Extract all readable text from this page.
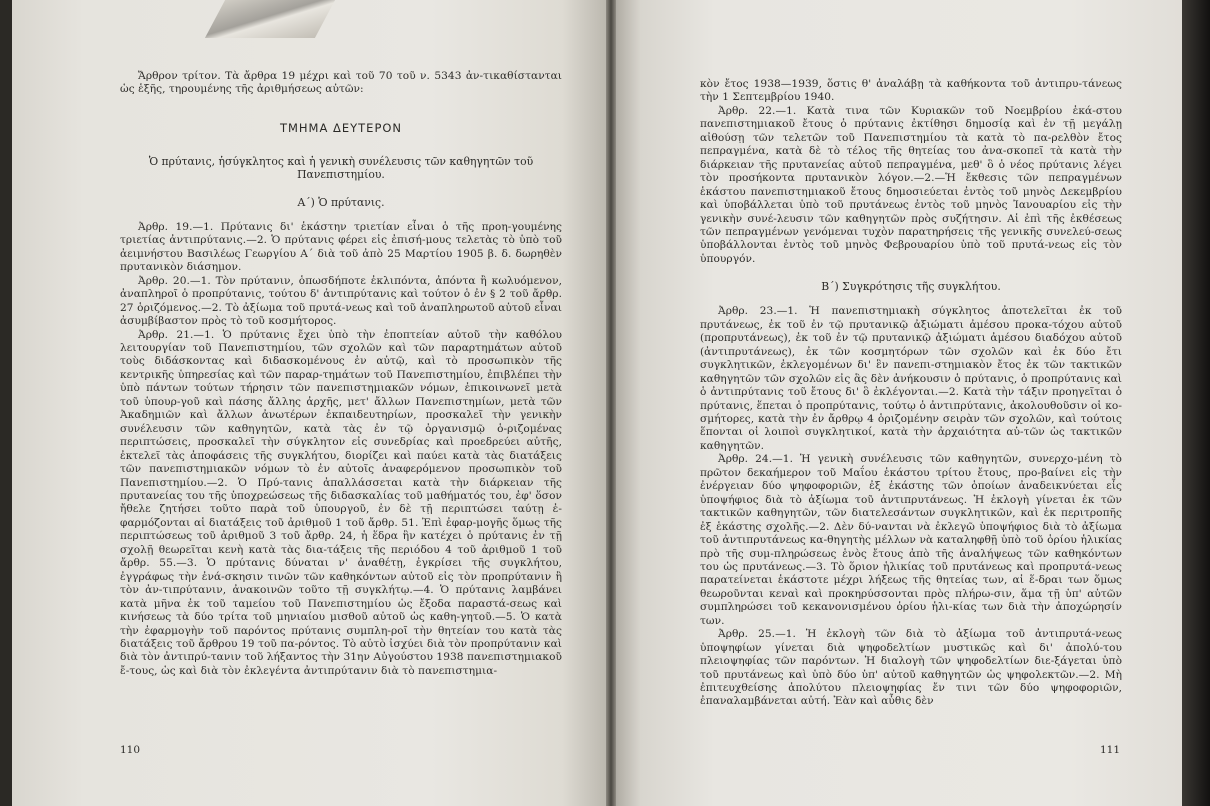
Ἄρθρον τρίτον. Τὰ ἄρθρα 19 μέχρι καὶ τοῦ 70 τοῦ ν. 5343 ἀν-τικαθίστανται ὡς ἑξῆς, τηρουμένης τῆς ἀριθμήσεως αὐτῶν:

ΤΜΗΜΑ ΔΕΥΤΕΡΟΝ

Ὁ πρύτανις, ἡσύγκλητος καὶ ἡ γενικὴ συνέλευσις τῶν καθηγητῶν τοῦ Πανεπιστημίου.

Α΄) Ὁ πρύτανις.

Ἀρθρ. 19.—1. Πρύτανις δι' ἑκάστην τριετίαν εἶναι ὁ τῆς προη-γουμένης τριετίας ἀντιπρύτανις.—2. Ὁ πρύτανις φέρει εἰς ἐπισή-μους τελετὰς τὸ ὑπὸ τοῦ ἀειμνήστου Βασιλέως Γεωργίου Α΄ διὰ τοῦ ἀπὸ 25 Μαρτίου 1905 β. δ. δωρηθὲν πρυτανικὸν διάσημον.

Ἀρθρ. 20.—1. Τὸν πρύτανιν, ὁπωσδήποτε ἐκλιπόντα, ἀπόντα ἢ κωλυόμενον, ἀναπληροῖ ὁ προπρύτανις, τούτου δ' ἀντιπρύτανις καὶ τούτον ὁ ἐν § 2 τοῦ ἄρθρ. 27 ὁριζόμενος.—2. Τὸ ἀξίωμα τοῦ πρυτά-νεως καὶ τοῦ ἀναπληρωτοῦ αὐτοῦ εἶναι ἀσυμβίβαστον πρὸς τὸ τοῦ κοσμήτορος.

Ἀρθρ. 21.—1. Ὁ πρύτανις ἔχει ὑπὸ τὴν ἐποπτείαν αὐτοῦ τὴν καθόλου λειτουργίαν τοῦ Πανεπιστημίου, τῶν σχολῶν καὶ τῶν παραρτημάτων αὐτοῦ τοὺς διδάσκοντας καὶ διδασκομένους ἐν αὐτῷ, καὶ τὸ προσωπικὸν τῆς κεντρικῆς ὑπηρεσίας καὶ τῶν παραρ-τημάτων τοῦ Πανεπιστημίου, ἐπιβλέπει τὴν ὑπὸ πάντων τούτων τήρησιν τῶν πανεπιστημιακῶν νόμων, ἐπικοινωνεῖ μετὰ τοῦ ὑπουρ-γοῦ καὶ πάσης ἄλλης ἀρχῆς, μετ' ἄλλων Πανεπιστημίων, μετὰ τῶν Ἀκαδημιῶν καὶ ἄλλων ἀνωτέρων ἐκπαιδευτηρίων, προσκαλεῖ τὴν γενικὴν συνέλευσιν τῶν καθηγητῶν, κατὰ τὰς ἐν τῷ ὀργανισμῷ ὁ-ριζομένας περιπτώσεις, προσκαλεῖ τὴν σύγκλητον εἰς συνεδρίας καὶ προεδρεύει αὐτῆς, ἐκτελεῖ τὰς ἀποφάσεις τῆς συγκλήτου, διορίζει καὶ παύει κατὰ τὰς διατάξεις τῶν πανεπιστημιακῶν νόμων τὸ ἐν αὐτοῖς ἀναφερόμενον προσωπικὸν τοῦ Πανεπιστημίου.—2. Ὁ Πρύ-τανις ἀπαλλάσσεται κατὰ τὴν διάρκειαν τῆς πρυτανείας του τῆς ὑποχρεώσεως τῆς διδασκαλίας τοῦ μαθήματός του, ἐφ' ὅσον ἤθελε ζητήσει τοῦτο παρὰ τοῦ ὑπουργοῦ, ἐν δὲ τῇ περιπτώσει ταύτῃ ἐ-φαρμόζονται αἱ διατάξεις τοῦ ἀριθμοῦ 1 τοῦ ἄρθρ. 51. Ἐπὶ ἐφαρ-μογῆς ὅμως τῆς περιπτώσεως τοῦ ἀριθμοῦ 3 τοῦ ἄρθρ. 24, ἡ ἕδρα ἣν κατέχει ὁ πρύτανις ἐν τῇ σχολῇ θεωρεῖται κενὴ κατὰ τὰς δια-τάξεις τῆς περιόδου 4 τοῦ ἀριθμοῦ 1 τοῦ ἄρθρ. 55.—3. Ὁ πρύτανις δύναται ν' ἀναθέτῃ, ἐγκρίσει τῆς συγκλήτου, ἐγγράφως τὴν ἐνά-σκησιν τινῶν τῶν καθηκόντων αὐτοῦ εἰς τὸν προπρύτανιν ἢ τὸν ἀν-τιπρύτανιν, ἀνακοινῶν τοῦτο τῇ συγκλήτῳ.—4. Ὁ πρύτανις λαμβάνει κατὰ μῆνα ἐκ τοῦ ταμείου τοῦ Πανεπιστημίου ὡς ἔξοδα παραστά-σεως καὶ κινήσεως τὰ δύο τρίτα τοῦ μηνιαίου μισθοῦ αὐτοῦ ὡς καθη-γητοῦ.—5. Ὁ κατὰ τὴν ἐφαρμογὴν τοῦ παρόντος πρύτανις συμπλη-ροῖ τὴν θητείαν του κατὰ τὰς διατάξεις τοῦ ἄρθρου 19 τοῦ πα-ρόντος. Τὸ αὐτὸ ἰσχύει διὰ τὸν προπρύτανιν καὶ διὰ τὸν ἀντιπρύ-τανιν τοῦ λήξαντος τὴν 31ην Αὐγούστου 1938 πανεπιστημιακοῦ ἔ-τους, ὡς καὶ διὰ τὸν ἐκλεγέντα ἀντιπρύτανιν διὰ τὸ πανεπιστημια-

110

κὸν ἔτος 1938—1939, ὅστις θ' ἀναλάβῃ τὰ καθήκοντα τοῦ ἀντιπρυ-τάνεως τὴν 1 Σεπτεμβρίου 1940.

Ἀρθρ. 22.—1. Κατὰ τινα τῶν Κυριακῶν τοῦ Νοεμβρίου ἑκά-στου πανεπιστημιακοῦ ἔτους ὁ πρύτανις ἐκτίθησι δημοσίᾳ καὶ ἐν τῇ μεγάλῃ αἰθούσῃ τῶν τελετῶν τοῦ Πανεπιστημίου τὰ κατὰ τὸ πα-ρελθὸν ἔτος πεπραγμένα, κατὰ δὲ τὸ τέλος τῆς θητείας του ἀνα-σκοπεῖ τὰ κατὰ τὴν διάρκειαν τῆς πρυτανείας αὐτοῦ πεπραγμένα, μεθ' ὃ ὁ νέος πρύτανις λέγει τὸν προσήκοντα πρυτανικὸν λόγον.—2.—Ἡ ἔκθεσις τῶν πεπραγμένων ἑκάστου πανεπιστημιακοῦ ἔτους δημοσιεύεται ἐντὸς τοῦ μηνὸς Δεκεμβρίου καὶ ὑποβάλλεται ὑπὸ τοῦ πρυτάνεως ἐντὸς τοῦ μηνὸς Ἰανουαρίου εἰς τὴν γενικὴν συνέ-λευσιν τῶν καθηγητῶν πρὸς συζήτησιν. Αἱ ἐπὶ τῆς ἐκθέσεως τῶν πεπραγμένων γενόμεναι τυχὸν παρατηρήσεις τῆς γενικῆς συνελεύ-σεως ὑποβάλλονται ἐντὸς τοῦ μηνὸς Φεβρουαρίου ὑπὸ τοῦ πρυτά-νεως εἰς τὸν ὑπουργόν.

Β΄) Συγκρότησις τῆς συγκλήτου.

Ἀρθρ. 23.—1. Ἡ πανεπιστημιακὴ σύγκλητος ἀποτελεῖται ἐκ τοῦ πρυτάνεως, ἐκ τοῦ ἐν τῷ πρυτανικῷ ἀξιώματι ἀμέσου προκα-τόχου αὐτοῦ (προπρυτάνεως), ἐκ τοῦ ἐν τῷ πρυτανικῷ ἀξιώματι ἀμέσου διαδόχου αὐτοῦ (ἀντιπρυτάνεως), ἐκ τῶν κοσμητόρων τῶν σχολῶν καὶ ἐκ δύο ἔτι συγκλητικῶν, ἐκλεγομένων δι' ἓν πανεπι-στημιακὸν ἔτος ἐκ τῶν τακτικῶν καθηγητῶν τῶν σχολῶν εἰς ἃς δὲν ἀνήκουσιν ὁ πρύτανις, ὁ προπρύτανις καὶ ὁ ἀντιπρύτανις τοῦ ἔτους δι' ὃ ἐκλέγονται.—2. Κατὰ τὴν τάξιν προηγεῖται ὁ πρύτανις, ἕπεται ὁ προπρύτανις, τούτῳ ὁ ἀντιπρύτανις, ἀκολουθοῦσιν οἱ κο-σμήτορες, κατὰ τὴν ἐν ἄρθρῳ 4 ὁριζομένην σειρὰν τῶν σχολῶν, καὶ τούτοις ἕπονται οἱ λοιποὶ συγκλητικοί, κατὰ τὴν ἀρχαιότητα αὐ-τῶν ὡς τακτικῶν καθηγητῶν.

Ἀρθρ. 24.—1. Ἡ γενικὴ συνέλευσις τῶν καθηγητῶν, συνερχο-μένη τὸ πρῶτον δεκαήμερον τοῦ Μαΐου ἑκάστου τρίτου ἔτους, προ-βαίνει εἰς τὴν ἐνέργειαν δύο ψηφοφοριῶν, ἐξ ἑκάστης τῶν ὁποίων ἀναδεικνύεται εἷς ὑποψήφιος διὰ τὸ ἀξίωμα τοῦ ἀντιπρυτάνεως. Ἡ ἐκλογὴ γίνεται ἐκ τῶν τακτικῶν καθηγητῶν, τῶν διατελεσάντων συγκλητικῶν, καὶ ἐκ περιτροπῆς ἐξ ἑκάστης σχολῆς.—2. Δὲν δύ-νανται νὰ ἐκλεγῶ ὑποψήφιος διὰ τὸ ἀξίωμα τοῦ ἀντιπρυτάνεως κα-θηγητὴς μέλλων νὰ καταληφθῇ ὑπὸ τοῦ ὁρίου ἡλικίας πρὸ τῆς συμ-πληρώσεως ἑνὸς ἔτους ἀπὸ τῆς ἀναλήψεως τῶν καθηκόντων του ὡς πρυτάνεως.—3. Τὸ ὅριον ἡλικίας τοῦ πρυτάνεως καὶ προπρυτά-νεως παρατείνεται ἑκάστοτε μέχρι λήξεως τῆς θητείας των, αἱ ἕ-δραι των ὅμως θεωροῦνται κεναὶ καὶ προκηρύσσονται πρὸς πλήρω-σιν, ἅμα τῇ ὑπ' αὐτῶν συμπληρώσει τοῦ κεκανονισμένου ὁρίου ἡλι-κίας των διὰ τὴν ἀποχώρησίν των.

Ἀρθρ. 25.—1. Ἡ ἐκλογὴ τῶν διὰ τὸ ἀξίωμα τοῦ ἀντιπρυτά-νεως ὑποψηφίων γίνεται διὰ ψηφοδελτίων μυστικῶς καὶ δι' ἀπολύ-του πλειοψηφίας τῶν παρόντων. Ἡ διαλογὴ τῶν ψηφοδελτίων διε-ξάγεται ὑπὸ τοῦ πρυτάνεως καὶ ὑπὸ δύο ὑπ' αὐτοῦ καθηγητῶν ὡς ψηφολεκτῶν.—2. Μὴ ἐπιτευχθείσης ἀπολύτου πλειοψηφίας ἔν τινι τῶν δύο ψηφοφοριῶν, ἐπαναλαμβάνεται αὐτή. Ἐὰν καὶ αὖθις δὲν

111
